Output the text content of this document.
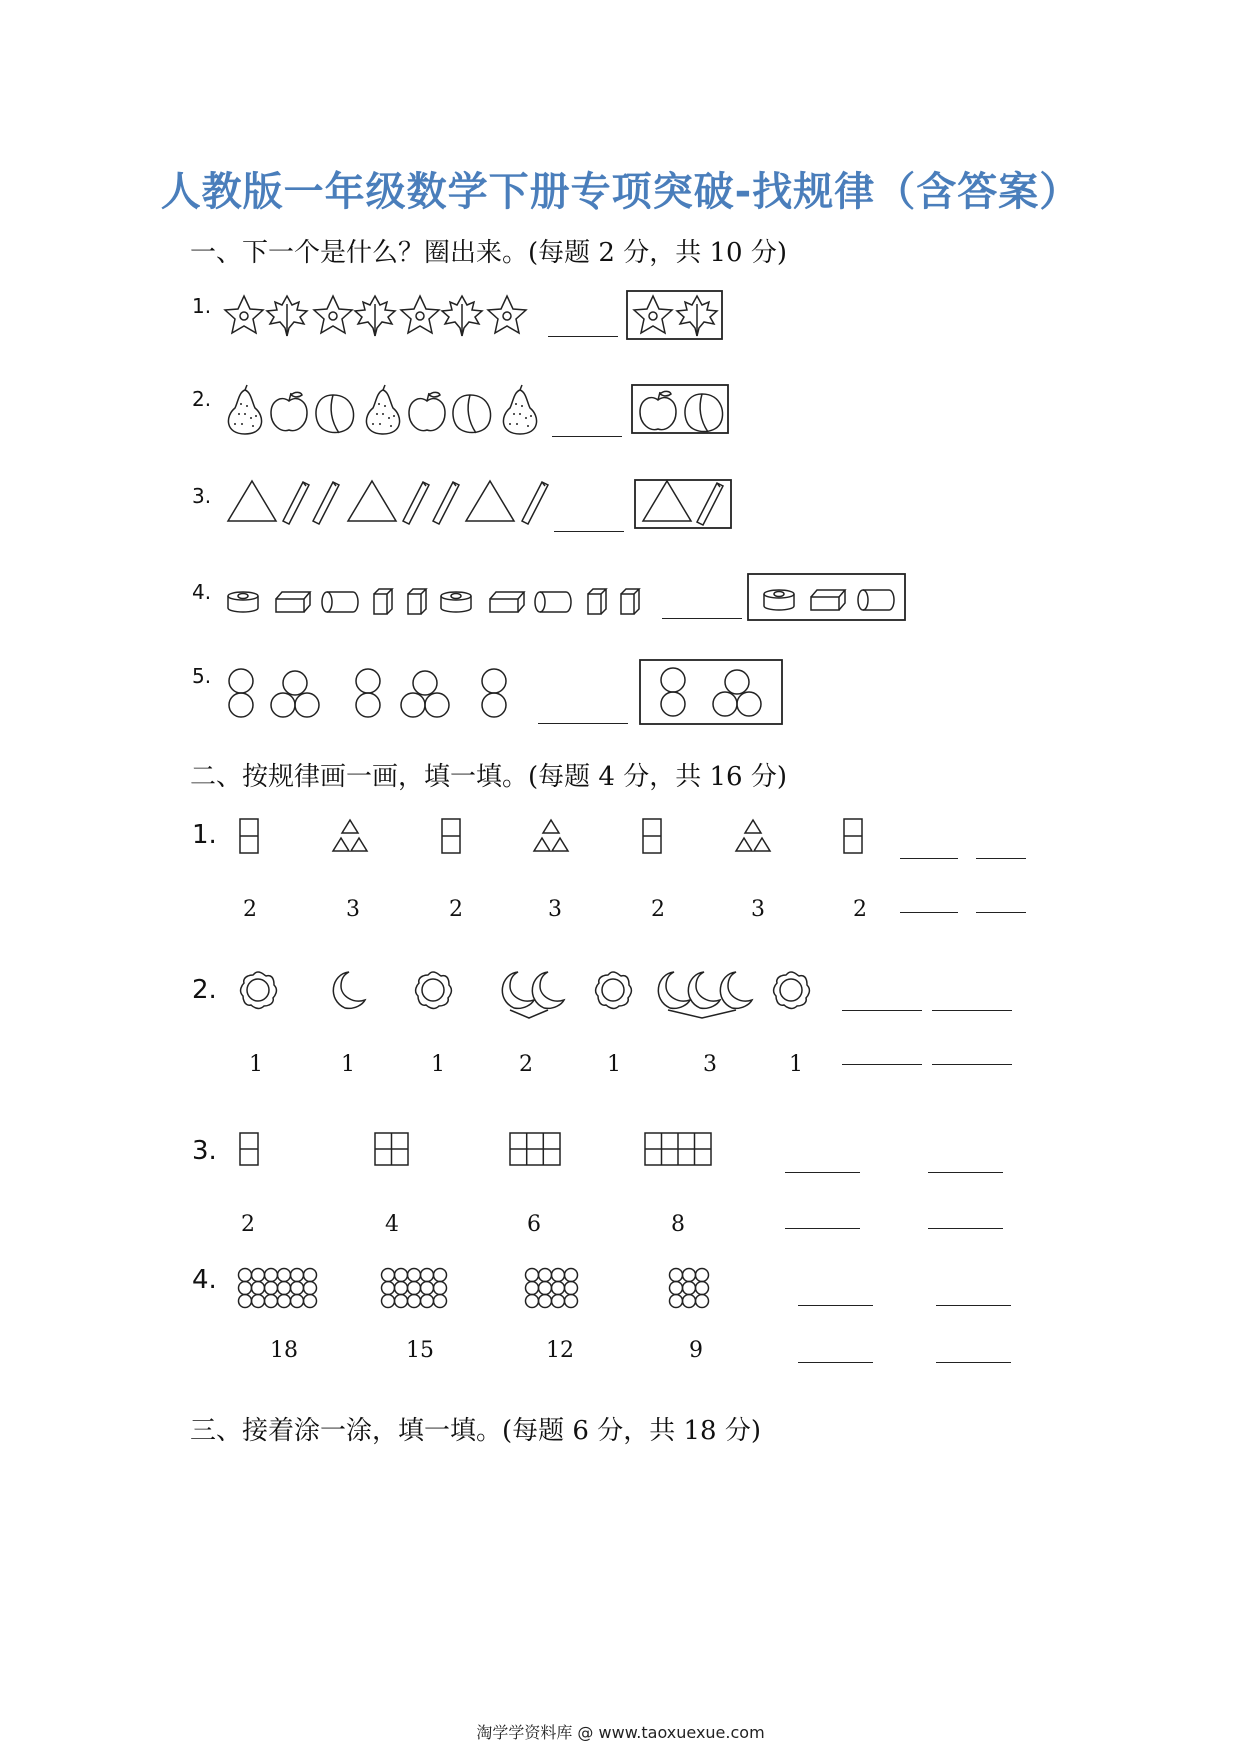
人教版一年级数学下册专项突破-找规律（含答案）
一、下一个是什么？圈出来。(每题 2 分，共 10 分)
二、按规律画一画，填一填。(每题 4 分，共 16 分)
三、接着涂一涂，填一填。(每题 6 分，共 18 分)
1.
2.
3.
4.
5.
1.
2.
3.
4.
2	3	2	3	2	3	2
1	1	1	2	1	3	1
2	4	6	8
18	15	12	9
淘学学资料库 @ www.taoxuexue.com
